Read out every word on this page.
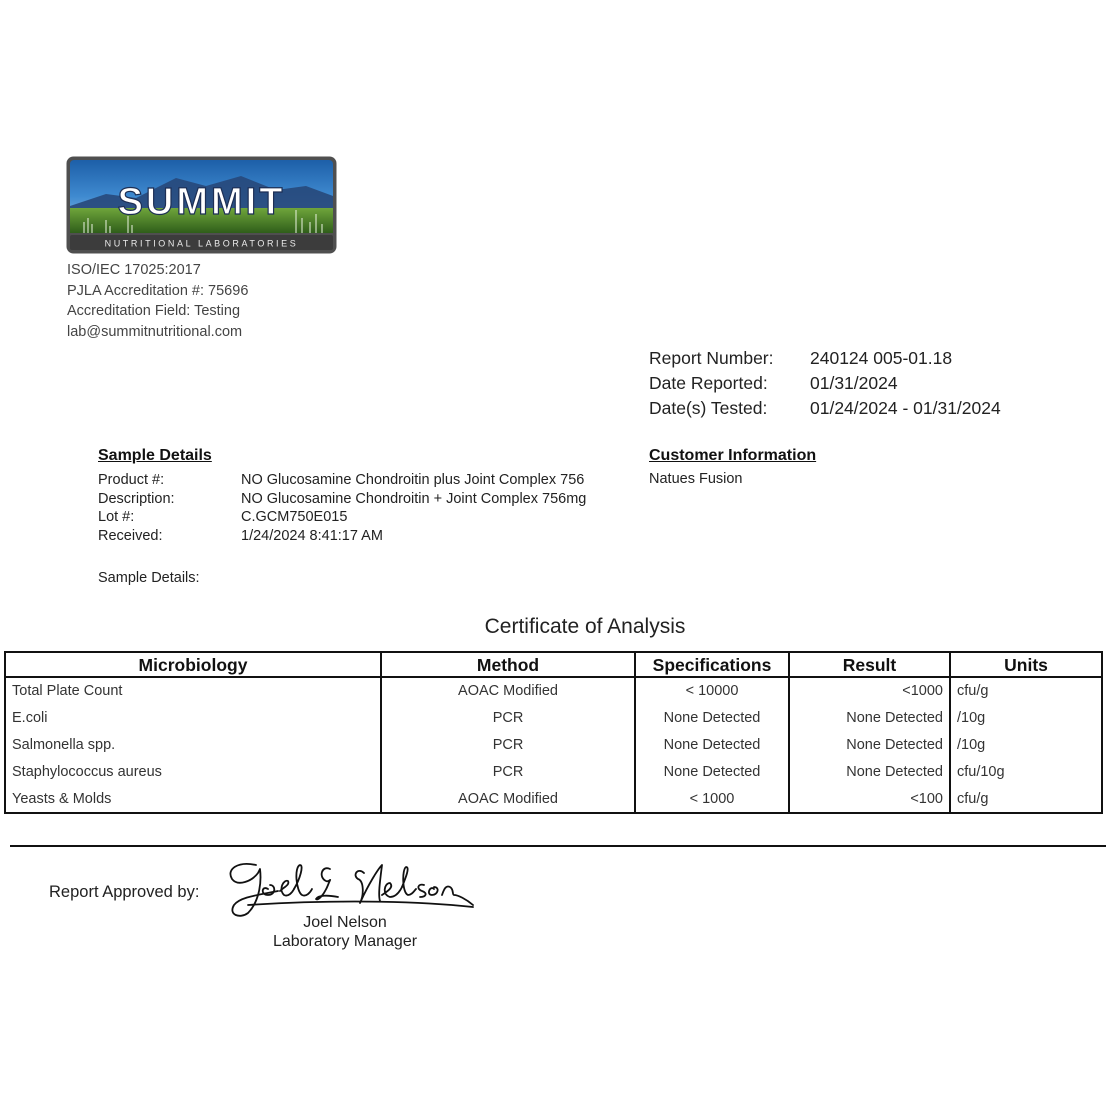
SUMMIT
NUTRITIONAL LABORATORIES
ISO/IEC 17025:2017
PJLA Accreditation #: 75696
Accreditation Field: Testing
lab@summitnutritional.com
Report Number:	240124 005-01.18
Date Reported:	01/31/2024
Date(s) Tested:	01/24/2024 - 01/31/2024
Sample Details	Customer Information
Product #:	NO Glucosamine Chondroitin plus Joint Complex 756
Description:	NO Glucosamine Chondroitin + Joint Complex 756mg
Lot #:	C.GCM750E015
Received:	1/24/2024 8:41:17 AM
Natues Fusion
Sample Details:
Certificate of Analysis
Microbiology	Method	Specifications	Result	Units
Total Plate Count	AOAC Modified	< 10000	<1000	cfu/g
E.coli	PCR	None Detected	None Detected	/10g
Salmonella spp.	PCR	None Detected	None Detected	/10g
Staphylococcus aureus	PCR	None Detected	None Detected	cfu/10g
Yeasts & Molds	AOAC Modified	< 1000	<100	cfu/g
Report Approved by:
Joel Nelson
Laboratory Manager
